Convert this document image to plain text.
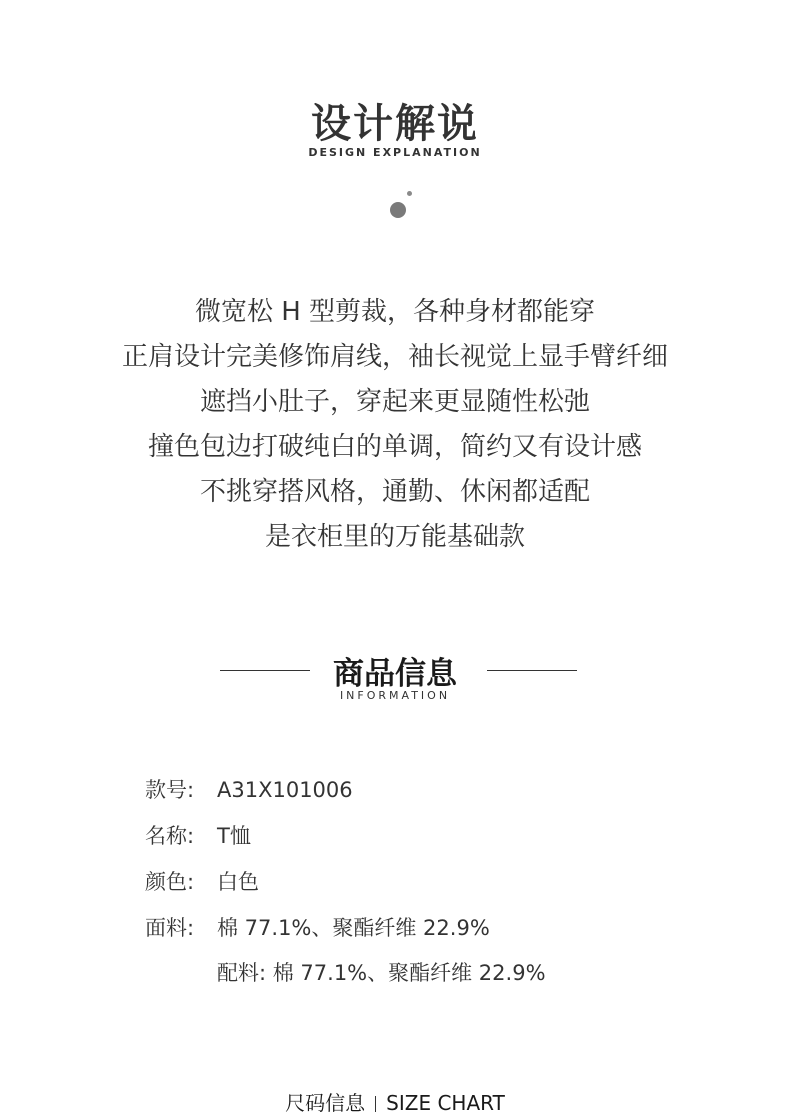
设计解说
DESIGN EXPLANATION
微宽松 H 型剪裁，各种身材都能穿
正肩设计完美修饰肩线，袖长视觉上显手臂纤细
遮挡小肚子，穿起来更显随性松弛
撞色包边打破纯白的单调，简约又有设计感
不挑穿搭风格，通勤、休闲都适配
是衣柜里的万能基础款
商品信息
INFORMATION
款号: A31X101006
名称: T恤
颜色: 白色
面料: 棉 77.1%、聚酯纤维 22.9%
配料: 棉 77.1%、聚酯纤维 22.9%
尺码信息 SIZE CHART
